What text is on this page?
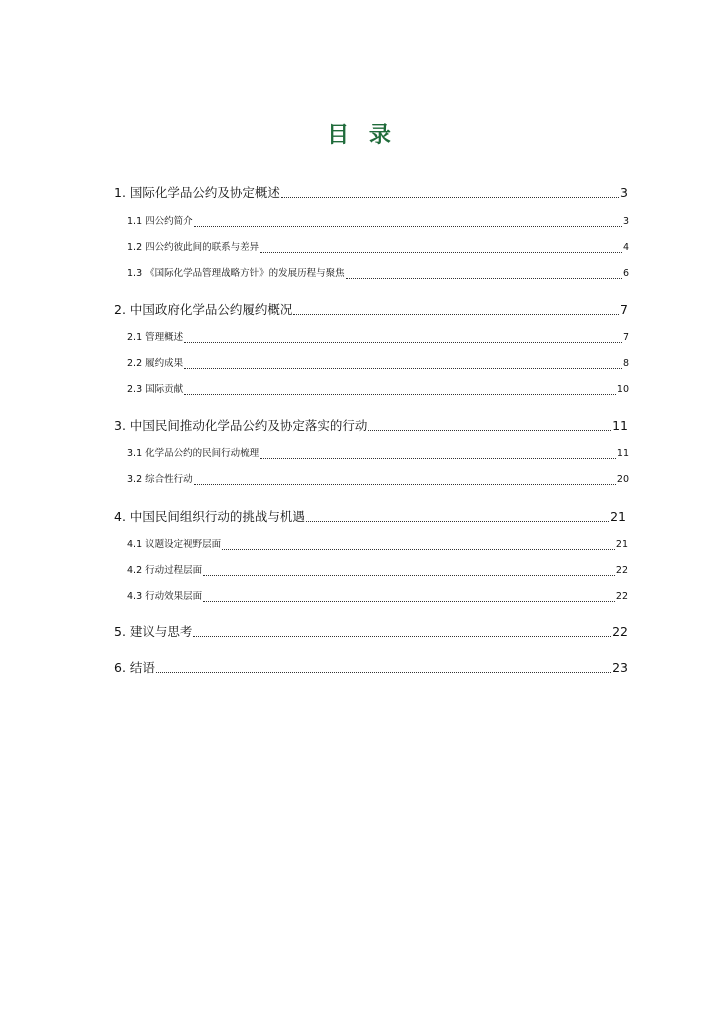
目 录
1. 国际化学品公约及协定概述	3
1.1 四公约简介	3
1.2 四公约彼此间的联系与差异	4
1.3 《国际化学品管理战略方针》的发展历程与聚焦	6
2. 中国政府化学品公约履约概况	7
2.1 管理概述	7
2.2 履约成果	8
2.3 国际贡献	10
3. 中国民间推动化学品公约及协定落实的行动	11
3.1 化学品公约的民间行动梳理	11
3.2 综合性行动	20
4. 中国民间组织行动的挑战与机遇	21
4.1 议题设定视野层面	21
4.2 行动过程层面	22
4.3 行动效果层面	22
5. 建议与思考	22
6. 结语	23
